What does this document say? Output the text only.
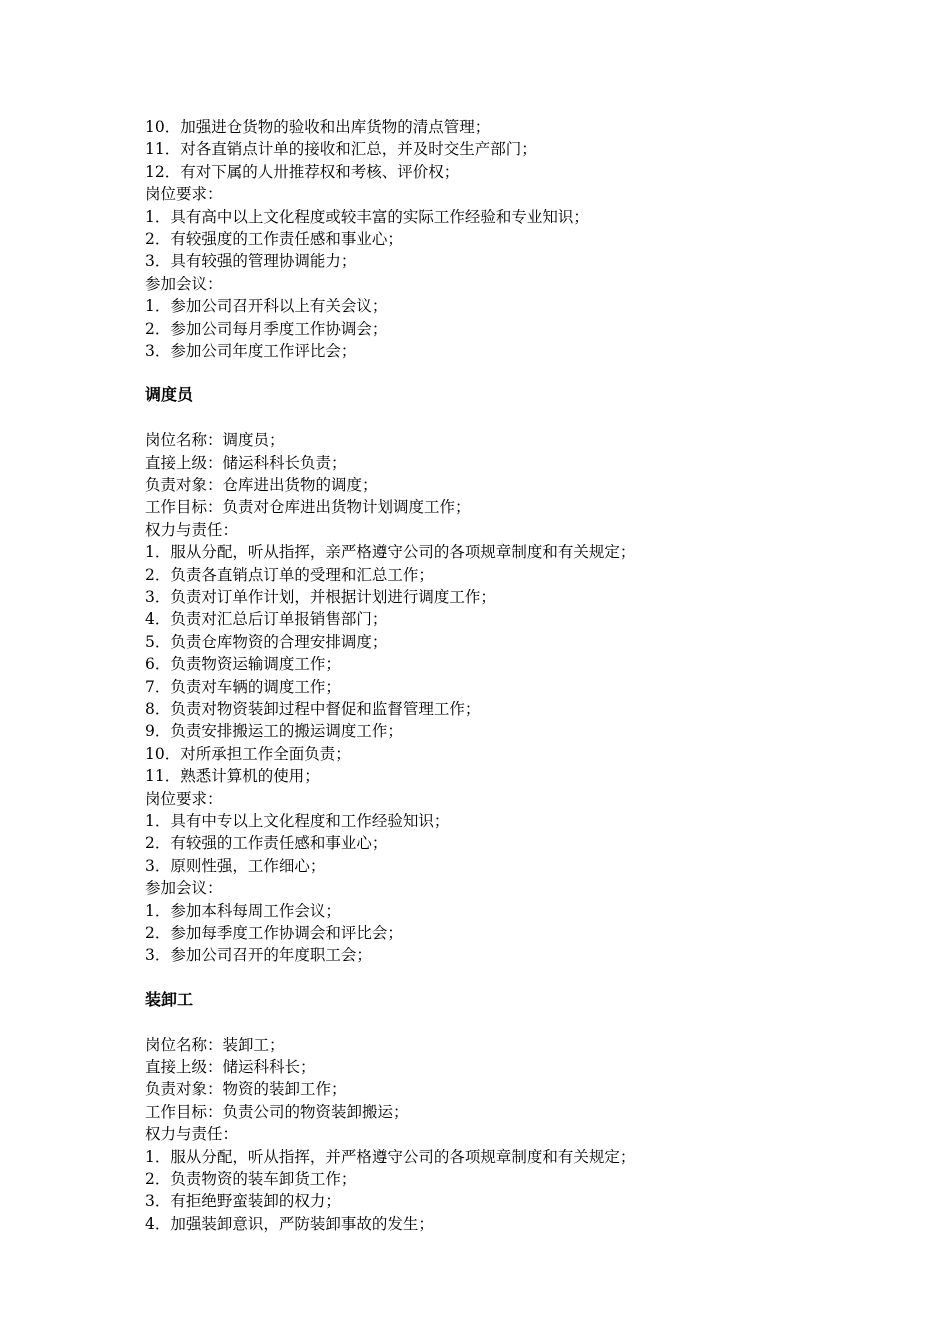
10．加强进仓货物的验收和出库货物的清点管理；
11．对各直销点计单的接收和汇总，并及时交生产部门；
12．有对下属的人卅推荐权和考核、评价权；
岗位要求：
1．具有高中以上文化程度或较丰富的实际工作经验和专业知识；
2．有较强度的工作责任感和事业心；
3．具有较强的管理协调能力；
参加会议：
1．参加公司召开科以上有关会议；
2．参加公司每月季度工作协调会；
3．参加公司年度工作评比会；
调度员
岗位名称：调度员；
直接上级：储运科科长负责；
负责对象：仓库进出货物的调度；
工作目标：负责对仓库进出货物计划调度工作；
权力与责任：
1．服从分配，听从指挥，亲严格遵守公司的各项规章制度和有关规定；
2．负责各直销点订单的受理和汇总工作；
3．负责对订单作计划，并根据计划进行调度工作；
4．负责对汇总后订单报销售部门；
5．负责仓库物资的合理安排调度；
6．负责物资运输调度工作；
7．负责对车辆的调度工作；
8．负责对物资装卸过程中督促和监督管理工作；
9．负责安排搬运工的搬运调度工作；
10．对所承担工作全面负责；
11．熟悉计算机的使用；
岗位要求：
1．具有中专以上文化程度和工作经验知识；
2．有较强的工作责任感和事业心；
3．原则性强，工作细心；
参加会议：
1．参加本科每周工作会议；
2．参加每季度工作协调会和评比会；
3．参加公司召开的年度职工会；
装卸工
岗位名称：装卸工；
直接上级：储运科科长；
负责对象：物资的装卸工作；
工作目标：负责公司的物资装卸搬运；
权力与责任：
1．服从分配，听从指挥，并严格遵守公司的各项规章制度和有关规定；
2．负责物资的装车卸货工作；
3．有拒绝野蛮装卸的权力；
4．加强装卸意识，严防装卸事故的发生；
